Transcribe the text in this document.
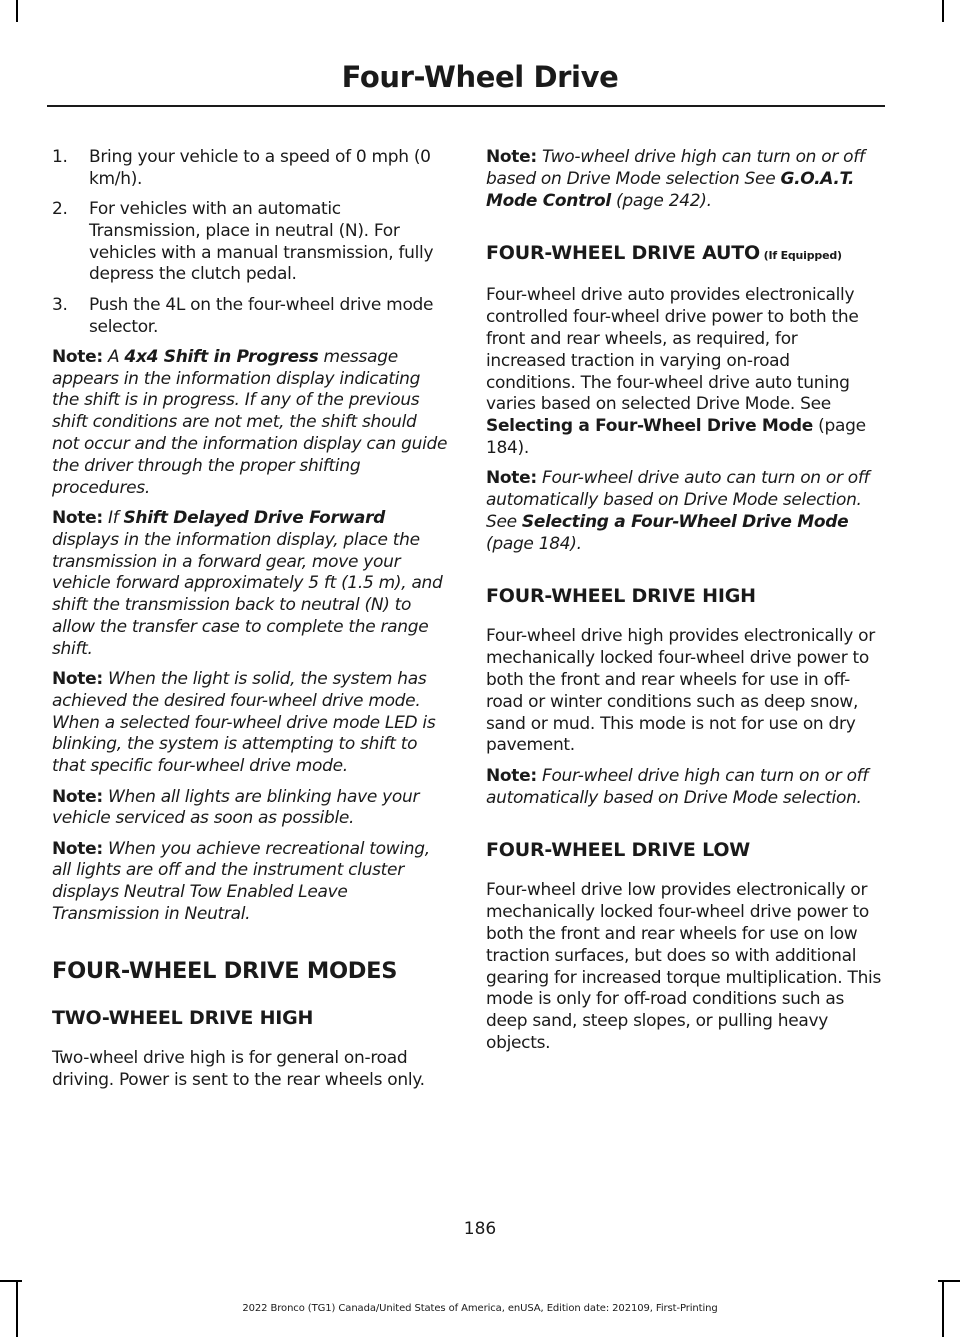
Four-Wheel Drive
1. Bring your vehicle to a speed of 0 mph (0 km/h).
2. For vehicles with an automatic Transmission, place in neutral (N). For vehicles with a manual transmission, fully depress the clutch pedal.
3. Push the 4L on the four-wheel drive mode selector.

Note: A 4x4 Shift in Progress message appears in the information display indicating the shift is in progress. If any of the previous shift conditions are not met, the shift should not occur and the information display can guide the driver through the proper shifting procedures.

Note: If Shift Delayed Drive Forward displays in the information display, place the transmission in a forward gear, move your vehicle forward approximately 5 ft (1.5 m), and shift the transmission back to neutral (N) to allow the transfer case to complete the range shift.

Note: When the light is solid, the system has achieved the desired four-wheel drive mode. When a selected four-wheel drive mode LED is blinking, the system is attempting to shift to that specific four-wheel drive mode.

Note: When all lights are blinking have your vehicle serviced as soon as possible.

Note: When you achieve recreational towing, all lights are off and the instrument cluster displays Neutral Tow Enabled Leave Transmission in Neutral.

FOUR-WHEEL DRIVE MODES
TWO-WHEEL DRIVE HIGH

Two-wheel drive high is for general on-road driving. Power is sent to the rear wheels only.

Note: Two-wheel drive high can turn on or off based on Drive Mode selection See G.O.A.T. Mode Control (page 242).

FOUR-WHEEL DRIVE AUTO (If Equipped)

Four-wheel drive auto provides electronically controlled four-wheel drive power to both the front and rear wheels, as required, for increased traction in varying on-road conditions. The four-wheel drive auto tuning varies based on selected Drive Mode. See Selecting a Four-Wheel Drive Mode (page 184).

Note: Four-wheel drive auto can turn on or off automatically based on Drive Mode selection. See Selecting a Four-Wheel Drive Mode (page 184).

FOUR-WHEEL DRIVE HIGH

Four-wheel drive high provides electronically or mechanically locked four-wheel drive power to both the front and rear wheels for use in off-road or winter conditions such as deep snow, sand or mud. This mode is not for use on dry pavement.

Note: Four-wheel drive high can turn on or off automatically based on Drive Mode selection.

FOUR-WHEEL DRIVE LOW

Four-wheel drive low provides electronically or mechanically locked four-wheel drive power to both the front and rear wheels for use on low traction surfaces, but does so with additional gearing for increased torque multiplication. This mode is only for off-road conditions such as deep sand, steep slopes, or pulling heavy objects.

186
2022 Bronco (TG1) Canada/United States of America, enUSA, Edition date: 202109, First-Printing
